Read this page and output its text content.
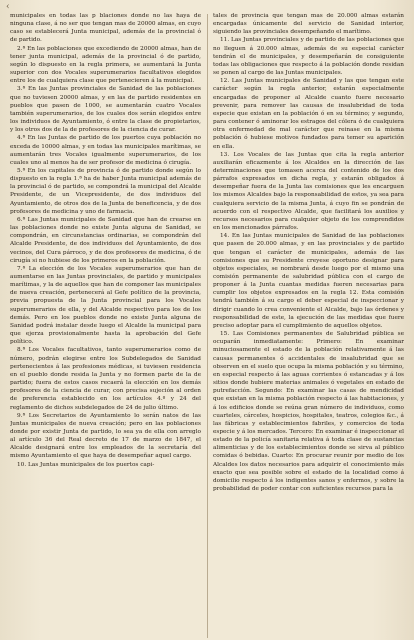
‹

municipales en todas las p blaciones donde no las haya de ninguna clase, á no ser que tengan mas de 20000 almas, en cuyo caso se establecerá Junta municipal, además de la provincial ó de partido.

2.ª En las poblaciones que excediendo de 20000 almas, han de tener junta municipal, además de la provincial ó de partido, según lo dispuesto en la regla primera, se aumentará la Junta superior con dos Vocales superumerarios facultativos elegidos entre los de cualquiera clase que pertenecieren á la municipal.

3.ª En las Juntas provinciales de Sanidad de las poblaciones que no tuviesen 20000 almas, y en las de partido residentes en pueblos que pasen de 1000, se aumentarán cuatro Vocales también superumerarios, de los cuales dos serán elegidos entre los individuos de Ayuntamiento, ó entre la clase de propietarios, y los otros dos de la de profesores de la ciencia de curar.

4.ª En las Juntas de partido de los puertos cuya población no exceda de 10000 almas, y en todas las municipales marítimas, se aumentarán tres Vocales igualmente superumerarios, de los cuales uno al menos ha de ser profesor de medicina ó cirugía.

5.ª En los capitales de provincia ó de partido donde según lo dispuesto en la regla 1.ª ha de haber Junta municipal además de la provincial ó de partido, se compondrá la municipal del Alcalde Presidente, de un Vicepresidente, de dos individuos del Ayuntamiento, de otros dos de la Junta de beneficencia, y de dos profesores de medicina y uno de farmacia.

6.ª Las Juntas municipales de Sanidad que han de crearse en las poblaciones donde no existe Junta alguna de Sanidad, se compondrán, en circunstancias ordinarias, se compondrán del Alcalde Presidente, de dos individuos del Ayuntamiento, de dos vecinos, del Cura párroco, y de dos profesores de medicina, ó de cirugía si no hubiese de los primeros en la población.

7.ª La elección de los Vocales superumerarios que han de aumentarse en las Juntas provinciales, de partido y municipales marítimas, y la de aquellos que han de componer las municipales de nueva creación, pertenecerá al Gefe político de la provincia, previa propuesta de la Junta provincial para los Vocales superumerarios de ella, y del Alcalde respectivo para los de los demás. Pero en los pueblos donde no existe Junta alguna de Sanidad podrá instalar desde luego el Alcalde la municipal para que ejerza provisionalmente hasta la aprobación del Gefe político.

8.ª Los Vocales facultativos, tanto superumerarios como de número, podrán elegirse entre los Subdelegados de Sanidad pertenecientes á las profesiones médicas, si tuviesen residencia en el pueblo donde resida la Junta y no formen parte de la de partido; fuera de estos casos recaerá la elección en los demás profesores de la ciencia de curar, con precisa sujeción al orden de preferencia establecido en los artículos 4.º y 24 del reglamento de dichos subdelegados de 24 de julio último.

9.ª Los Secretarios de Ayuntamiento lo serán natos de las Juntas municipales de nueva creación; pero en las poblaciones donde por existir Junta de partido, lo sea ya de ella con arreglo al artículo 36 del Real decreto de 17 de marzo de 1847, el Alcalde designará entre los empleados de la secretaría del mismo Ayuntamiento el que haya de desempeñar aquel cargo.

10. Las Juntas municipales de los puertos capi-

tales de provincia que tengan mas de 20.000 almas estarán encargadas únicamente del servicio de Sanidad interior, siguiendo las provinciales desempeñando el marítimo.

11. Las Juntas provinciales y de partido de las poblaciones que no lleguen á 20.000 almas, además de su especial carácter tendrán el de municipales, y desempeñarán de consiguiente todas las obligaciones que respecto á la población donde residan se ponen al cargo de las Juntas municipales.

12. Las Juntas municipales de Sanidad y las que tengan este carácter según la regla anterior, estarán especialmente encargadas de proponer al Alcalde cuanto fuere necesario prevenir, para remover las causas de insalubridad de toda especie que existan en la población ó en su término; y segundo, para contener ó aminorar los estragos del cólera ó de cualquiera otra enfermedad de mal carácter que reinase en la misma población ó hubiese motivos fundados para temer su aparición en ella.

13. Los Vocales de las Juntas que cita la regla anterior auxiliarán eficazmente á los Alcaldes en la dirección de las determinaciones que tomasen acerca del contenido de los dos párrafos expresados en dicha regla, y estarán obligados á desempeñar fuera de la Junta las comisiones que les encarguen los mismos Alcaldes bajo la responsabilidad de estos, ya sea para cualquiera servicio de la misma Junta, á cuyo fin se pondrán de acuerdo con el respectivo Alcalde, que facilitará los auxilios y recursos necesarios para cualquier objeto de los comprendidos en los mencionados párrafos.

14. En las Juntas municipales de Sanidad de las poblaciones que pasen de 20.000 almas, y en las provinciales y de partido que tengan el carácter de municipales, además de las comisiones que su Presidente creyese oportuno designar para objetos especiales, se nombrará desde luego por el mismo una comisión permanente de salubridad pública con el cargo de proponer á la Junta cuantas medidas fueren necesarias para cumplir los objetos expresados en la regla 12. Esta comisión tendrá también á su cargo el deber especial de inspeccionar y dirigir cuando lo crea conveniente el Alcalde, bajo las órdenes y responsabilidad de este, la ejecución de las medidas que fuere preciso adoptar para el cumplimiento de aquellos objetos.

15. Las Comisiones permanentes de Salubridad pública se ocuparán inmediatamente: Primero: En examinar minuciosamente el estado de la población relativamente á las causas permanentes ó accidentales de insalubridad que se observen en el suelo que ocupa la misma población y su término, en especial respecto á las aguas corrientes ó estancadas y á los sitios donde hubiere materias animales ó vegetales en estado de putrefacción. Segundo: En examinar las casas de mendicidad que existan en la misma población respecto á las habitaciones, y á los edificios donde se reúna gran número de individuos, como cuarteles, cárceles, hospicios, hospitales, teatros, colegios &c., á las fábricas y establecimientos fabriles, y comercios de toda especie y á los mercados. Tercero: En examinar é inspeccionar el estado de la policía sanitaria relativa á toda clase de sustancias alimenticias y de los establecimientos donde se sirva al público comidas ó bebidas. Cuarto: En procurar reunir por medio de los Alcaldes los datos necesarios para adquirir el conocimiento más exacto que sea posible sobre el estado de la localidad como á domicilio respecto á los indigentes sanos y enfermos, y sobre la probabilidad de poder contar con suficientes recursos para la
